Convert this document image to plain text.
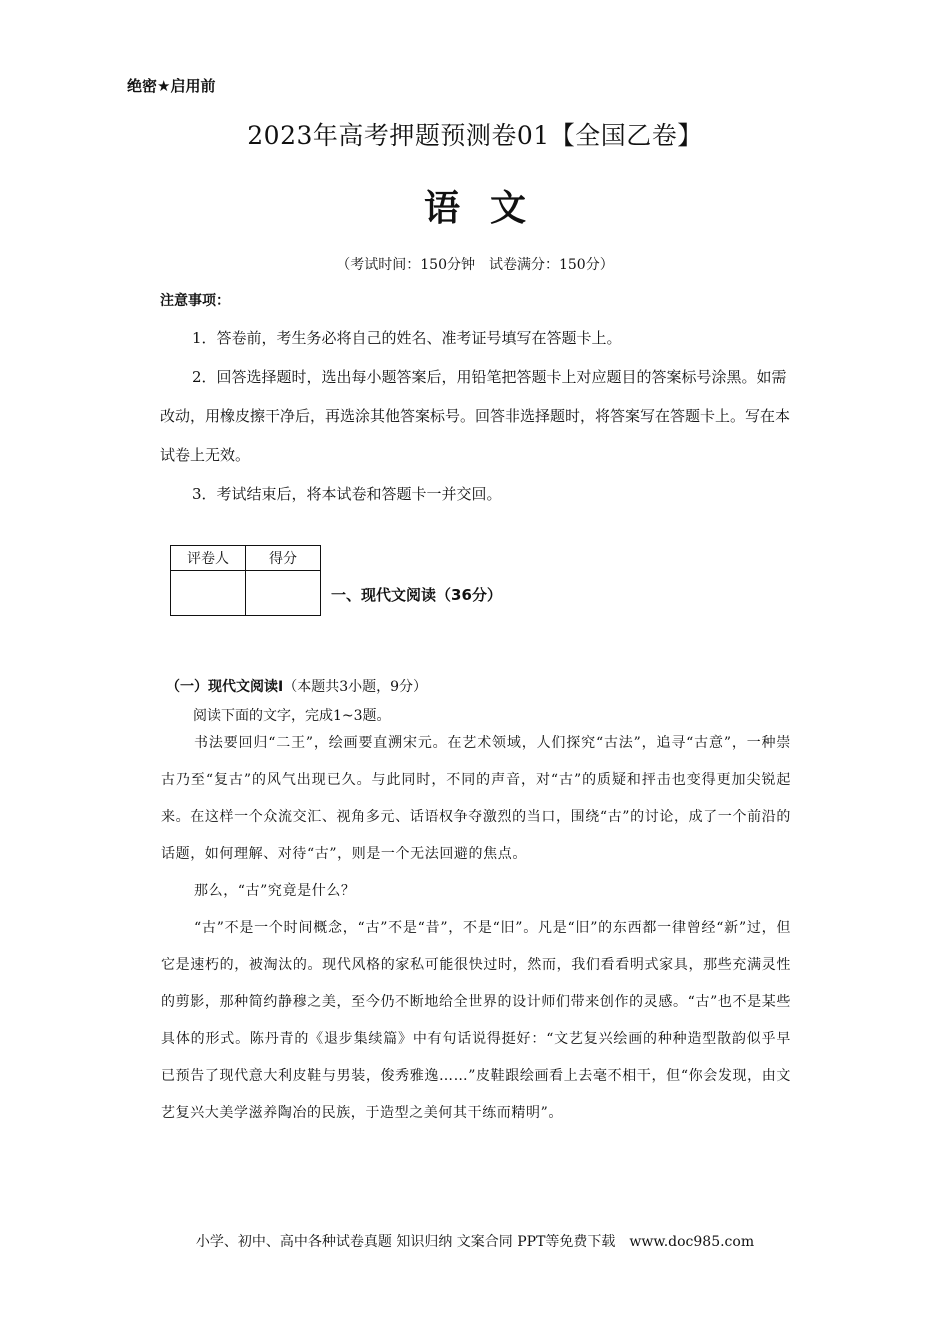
绝密★启用前
2023年高考押题预测卷01【全国乙卷】
语文
（考试时间：150分钟　试卷满分：150分）
注意事项：

1．答卷前，考生务必将自己的姓名、准考证号填写在答题卡上。

2．回答选择题时，选出每小题答案后，用铅笔把答题卡上对应题目的答案标号涂黑。如需改动，用橡皮擦干净后，再选涂其他答案标号。回答非选择题时，将答案写在答题卡上。写在本试卷上无效。

3．考试结束后，将本试卷和答题卡一并交回。

评卷人	得分

一、现代文阅读（36分）
（一）现代文阅读I（本题共3小题，9分）
阅读下面的文字，完成1~3题。

书法要回归“二王”，绘画要直溯宋元。在艺术领域，人们探究“古法”，追寻“古意”，一种崇古乃至“复古”的风气出现已久。与此同时，不同的声音，对“古”的质疑和抨击也变得更加尖锐起来。在这样一个众流交汇、视角多元、话语权争夺激烈的当口，围绕“古”的讨论，成了一个前沿的话题，如何理解、对待“古”，则是一个无法回避的焦点。

那么，“古”究竟是什么？

“古”不是一个时间概念，“古”不是“昔”，不是“旧”。凡是“旧”的东西都一律曾经“新”过，但它是速朽的，被淘汰的。现代风格的家私可能很快过时，然而，我们看看明式家具，那些充满灵性的剪影，那种简约静穆之美，至今仍不断地给全世界的设计师们带来创作的灵感。“古”也不是某些具体的形式。陈丹青的《退步集续篇》中有句话说得挺好：“文艺复兴绘画的种种造型散韵似乎早已预告了现代意大利皮鞋与男装，俊秀雅逸……”皮鞋跟绘画看上去毫不相干，但“你会发现，由文艺复兴大美学滋养陶冶的民族，于造型之美何其干练而精明”。

小学、初中、高中各种试卷真题 知识归纳 文案合同 PPT等免费下载　www.doc985.com
